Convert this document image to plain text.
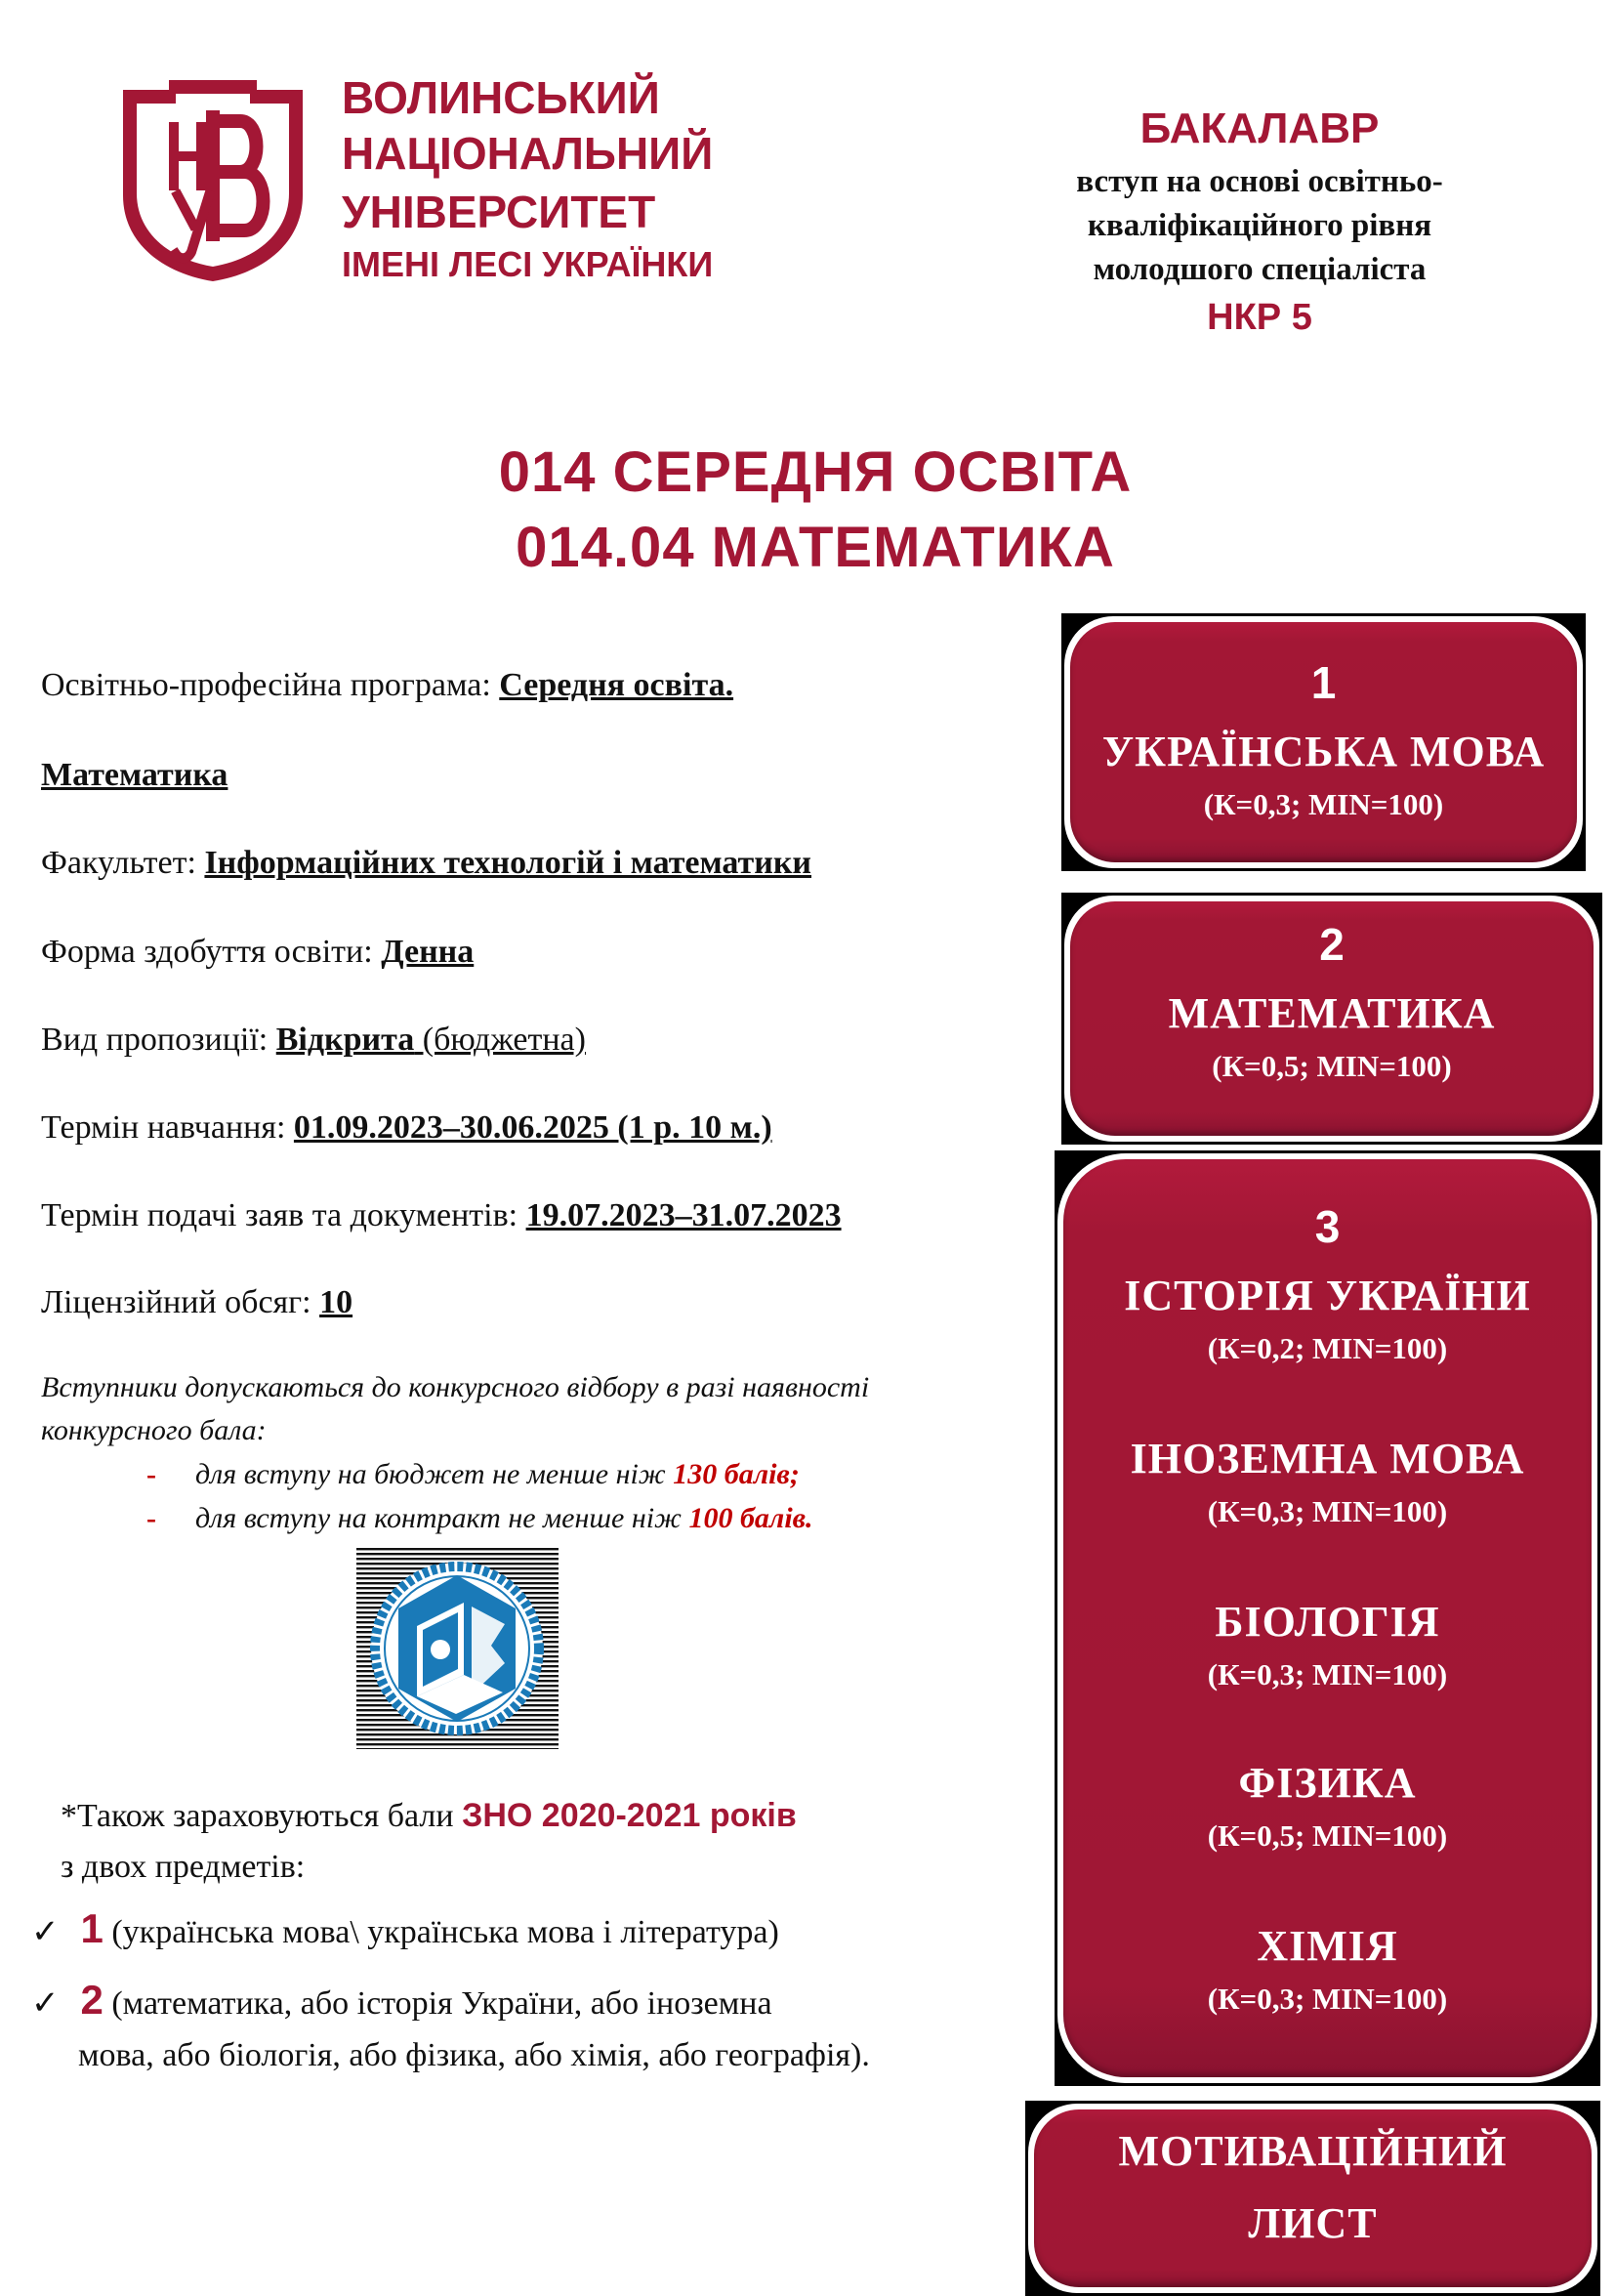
ВОЛИНСЬКИЙ
НАЦІОНАЛЬНИЙ
УНІВЕРСИТЕТ
ІМЕНІ ЛЕСІ УКРАЇНКИ
БАКАЛАВР
вступ на основі освітньо-
кваліфікаційного рівня
молодшого спеціаліста
НКР 5
014 СЕРЕДНЯ ОСВІТА
014.04 МАТЕМАТИКА
Освітньо-професійна програма: Середня освіта.
Математика
Факультет: Інформаційних технологій і математики
Форма здобуття освіти: Денна
Вид пропозиції: Відкрита (бюджетна)
Термін навчання: 01.09.2023–30.06.2025 (1 р. 10 м.)
Термін подачі заяв та документів: 19.07.2023–31.07.2023
Ліцензійний обсяг: 10
Вступники допускаються до конкурсного відбору в разі наявності
конкурсного бала:
- для вступу на бюджет не менше ніж 130 балів;
- для вступу на контракт не менше ніж 100 балів.
*Також зараховуються бали ЗНО 2020-2021 років
з двох предметів:
✓ 1 (українська мова\ українська мова і література)
✓ 2 (математика, або історія України, або іноземна
мова, або біологія, або фізика, або хімія, або географія).
1
УКРАЇНСЬКА МОВА
(К=0,3; MIN=100)
2
МАТЕМАТИКА
(К=0,5; MIN=100)
3
ІСТОРІЯ УКРАЇНИ
(К=0,2; MIN=100)
ІНОЗЕМНА МОВА
(К=0,3; MIN=100)
БІОЛОГІЯ
(К=0,3; MIN=100)
ФІЗИКА
(К=0,5; MIN=100)
ХІМІЯ
(К=0,3; MIN=100)
МОТИВАЦІЙНИЙ
ЛИСТ
